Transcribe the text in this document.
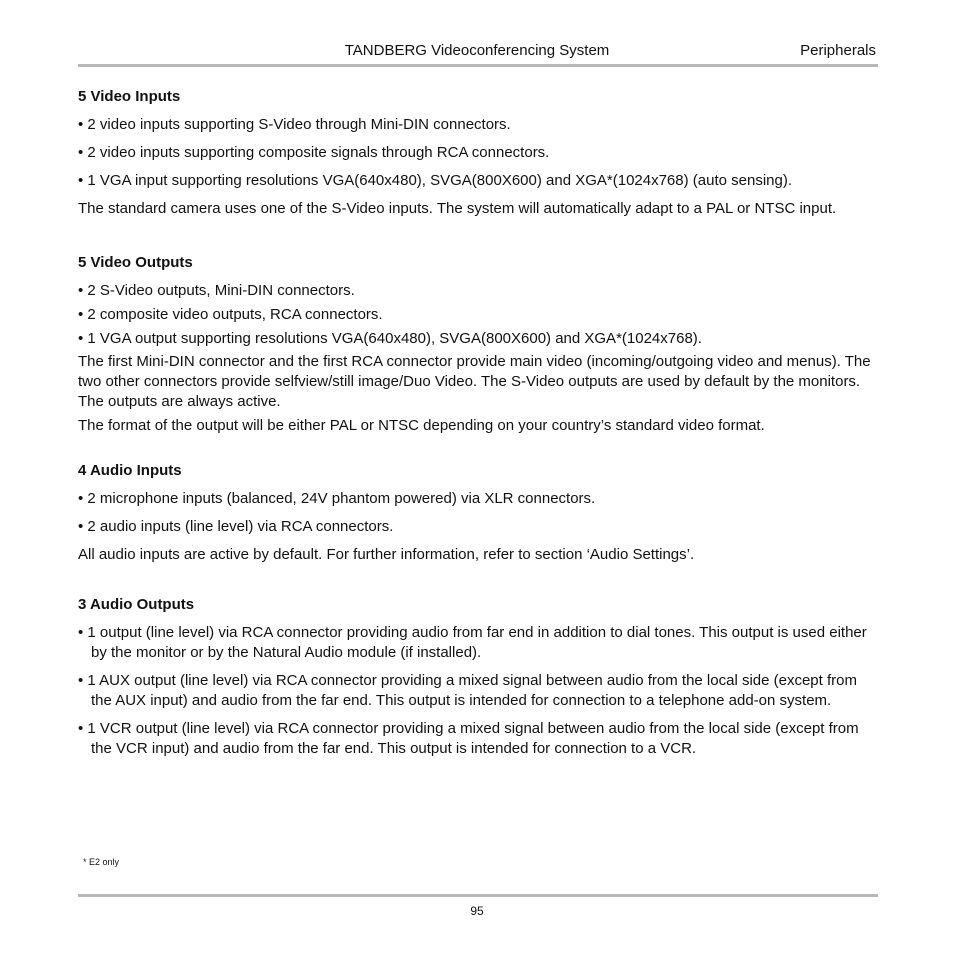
TANDBERG Videoconferencing System	Peripherals
5 Video Inputs

• 2 video inputs supporting S-Video through Mini-DIN connectors.

• 2 video inputs supporting composite signals through RCA connectors.

• 1 VGA input supporting resolutions VGA(640x480), SVGA(800X600) and XGA*(1024x768) (auto sensing).

The standard camera uses one of the S-Video inputs. The system will automatically adapt to a PAL or NTSC input.

5 Video Outputs

• 2 S-Video outputs, Mini-DIN connectors.

• 2 composite video outputs, RCA connectors.

• 1 VGA output supporting resolutions VGA(640x480), SVGA(800X600) and XGA*(1024x768).

The first Mini-DIN connector and the first RCA connector provide main video (incoming/outgoing video and menus). The two other connectors provide selfview/still image/Duo Video. The S-Video outputs are used by default by the monitors. The outputs are always active.

The format of the output will be either PAL or NTSC depending on your country’s standard video format.

4 Audio Inputs

• 2 microphone inputs (balanced, 24V phantom powered) via XLR connectors.

• 2 audio inputs (line level) via RCA connectors.

All audio inputs are active by default. For further information, refer to section ‘Audio Settings’.

3 Audio Outputs

• 1 output (line level) via RCA connector providing audio from far end in addition to dial tones. This output is used either by the monitor or by the Natural Audio module (if installed).

• 1 AUX output (line level) via RCA connector providing a mixed signal between audio from the local side (except from the AUX input) and audio from the far end. This output is intended for connection to a telephone add-on system.

• 1 VCR output (line level) via RCA connector providing a mixed signal between audio from the local side (except from the VCR input) and audio from the far end. This output is intended for connection to a VCR.

* E2 only
95
